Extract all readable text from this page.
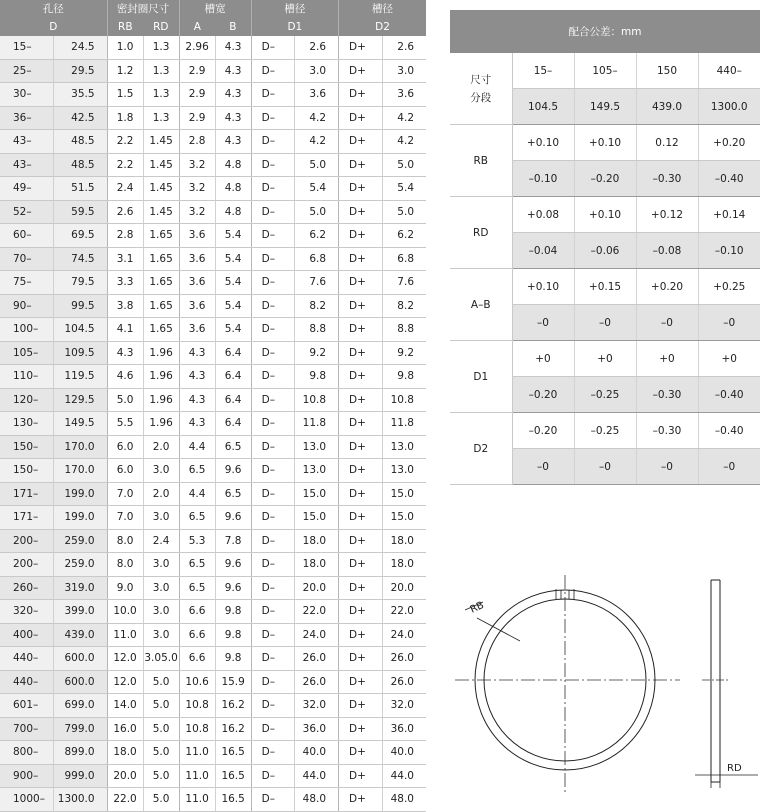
孔径		密封圈尺寸		槽宽		槽径		槽径	
D		RB	RD	A	B	D1		D2	
15–	24.5	1.0	1.3	2.96	4.3	D–	2.6	D+	2.6
25–	29.5	1.2	1.3	2.9	4.3	D–	3.0	D+	3.0
30–	35.5	1.5	1.3	2.9	4.3	D–	3.6	D+	3.6
36–	42.5	1.8	1.3	2.9	4.3	D–	4.2	D+	4.2
43–	48.5	2.2	1.45	2.8	4.3	D–	4.2	D+	4.2
43–	48.5	2.2	1.45	3.2	4.8	D–	5.0	D+	5.0
49–	51.5	2.4	1.45	3.2	4.8	D–	5.4	D+	5.4
52–	59.5	2.6	1.45	3.2	4.8	D–	5.0	D+	5.0
60–	69.5	2.8	1.65	3.6	5.4	D–	6.2	D+	6.2
70–	74.5	3.1	1.65	3.6	5.4	D–	6.8	D+	6.8
75–	79.5	3.3	1.65	3.6	5.4	D–	7.6	D+	7.6
90–	99.5	3.8	1.65	3.6	5.4	D–	8.2	D+	8.2
100–	104.5	4.1	1.65	3.6	5.4	D–	8.8	D+	8.8
105–	109.5	4.3	1.96	4.3	6.4	D–	9.2	D+	9.2
110–	119.5	4.6	1.96	4.3	6.4	D–	9.8	D+	9.8
120–	129.5	5.0	1.96	4.3	6.4	D–	10.8	D+	10.8
130–	149.5	5.5	1.96	4.3	6.4	D–	11.8	D+	11.8
150–	170.0	6.0	2.0	4.4	6.5	D–	13.0	D+	13.0
150–	170.0	6.0	3.0	6.5	9.6	D–	13.0	D+	13.0
171–	199.0	7.0	2.0	4.4	6.5	D–	15.0	D+	15.0
171–	199.0	7.0	3.0	6.5	9.6	D–	15.0	D+	15.0
200–	259.0	8.0	2.4	5.3	7.8	D–	18.0	D+	18.0
200–	259.0	8.0	3.0	6.5	9.6	D–	18.0	D+	18.0
260–	319.0	9.0	3.0	6.5	9.6	D–	20.0	D+	20.0
320–	399.0	10.0	3.0	6.6	9.8	D–	22.0	D+	22.0
400–	439.0	11.0	3.0	6.6	9.8	D–	24.0	D+	24.0
440–	600.0	12.0	3.05.0	6.6	9.8	D–	26.0	D+	26.0
440–	600.0	12.0	5.0	10.6	15.9	D–	26.0	D+	26.0
601–	699.0	14.0	5.0	10.8	16.2	D–	32.0	D+	32.0
700–	799.0	16.0	5.0	10.8	16.2	D–	36.0	D+	36.0
800–	899.0	18.0	5.0	11.0	16.5	D–	40.0	D+	40.0
900–	999.0	20.0	5.0	11.0	16.5	D–	44.0	D+	44.0
1000–	1300.0	22.0	5.0	11.0	16.5	D–	48.0	D+	48.0
配合公差：mm				
尺寸
分段	15–	105–	150	440–
	104.5	149.5	439.0	1300.0
RB	+0.10	+0.10	0.12	+0.20
	–0.10	–0.20	–0.30	–0.40
RD	+0.08	+0.10	+0.12	+0.14
	–0.04	–0.06	–0.08	–0.10
A–B	+0.10	+0.15	+0.20	+0.25
	–0	–0	–0	–0
D1	+0	+0	+0	+0
	–0.20	–0.25	–0.30	–0.40
D2	–0.20	–0.25	–0.30	–0.40
	–0	–0	–0	–0
RB
RD
